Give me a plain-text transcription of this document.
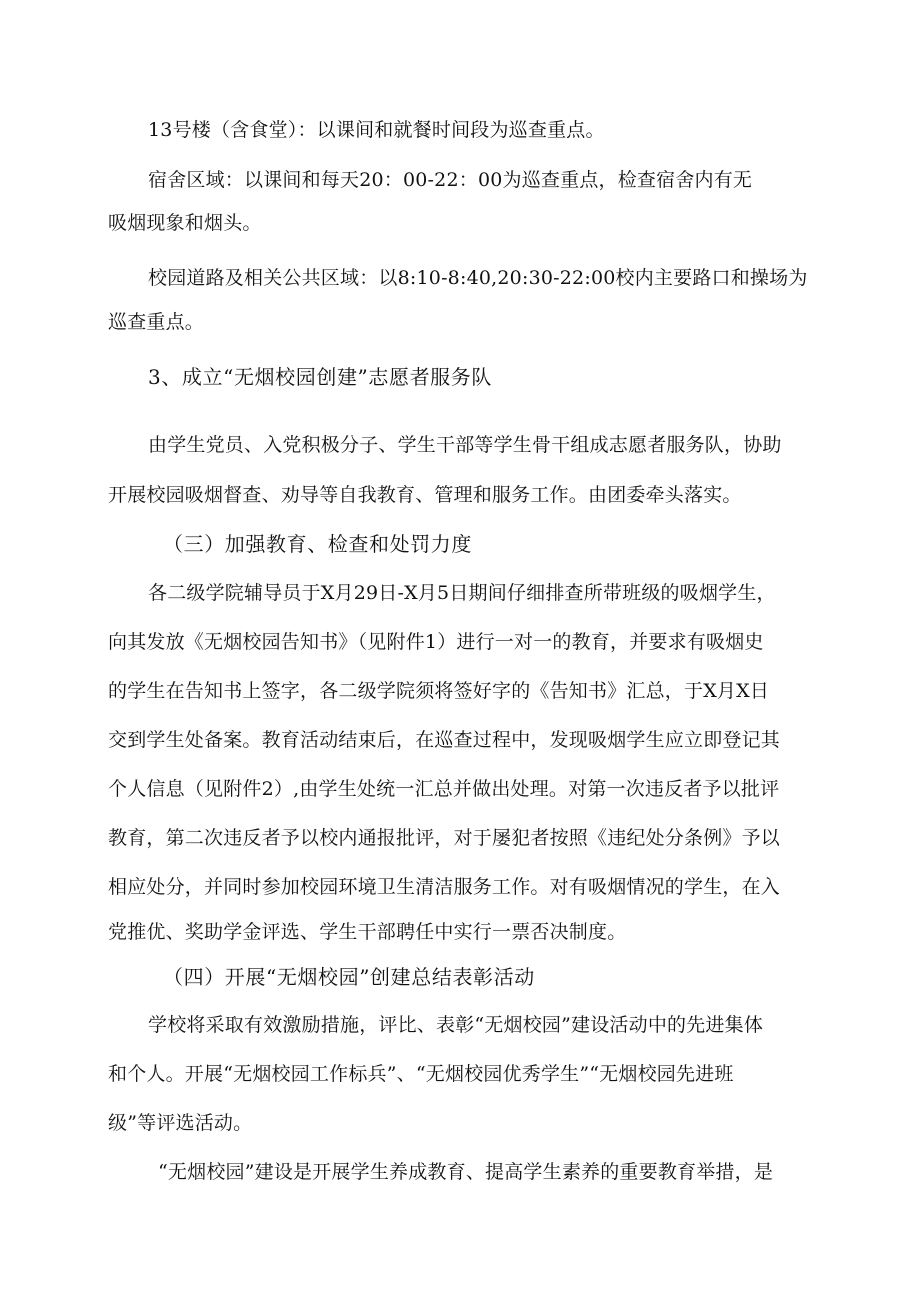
13号楼（含食堂）：以课间和就餐时间段为巡查重点。
宿舍区域：以课间和每天20：00-22：00为巡查重点，检查宿舍内有无
吸烟现象和烟头。
校园道路及相关公共区域：以8:10-8:40,20:30-22:00校内主要路口和操场为
巡查重点。
3、成立“无烟校园创建”志愿者服务队
由学生党员、入党积极分子、学生干部等学生骨干组成志愿者服务队，协助
开展校园吸烟督查、劝导等自我教育、管理和服务工作。由团委牵头落实。
（三）加强教育、检查和处罚力度
各二级学院辅导员于X月29日-X月5日期间仔细排查所带班级的吸烟学生，
向其发放《无烟校园告知书》（见附件1）进行一对一的教育，并要求有吸烟史
的学生在告知书上签字，各二级学院须将签好字的《告知书》汇总，于X月X日
交到学生处备案。教育活动结束后，在巡查过程中，发现吸烟学生应立即登记其
个人信息（见附件2）,由学生处统一汇总并做出处理。对第一次违反者予以批评
教育，第二次违反者予以校内通报批评，对于屡犯者按照《违纪处分条例》予以
相应处分，并同时参加校园环境卫生清洁服务工作。对有吸烟情况的学生，在入
党推优、奖助学金评选、学生干部聘任中实行一票否决制度。
（四）开展“无烟校园”创建总结表彰活动
学校将采取有效激励措施，评比、表彰“无烟校园”建设活动中的先进集体
和个人。开展“无烟校园工作标兵”、“无烟校园优秀学生”“无烟校园先进班
级”等评选活动。
“无烟校园”建设是开展学生养成教育、提高学生素养的重要教育举措，是
